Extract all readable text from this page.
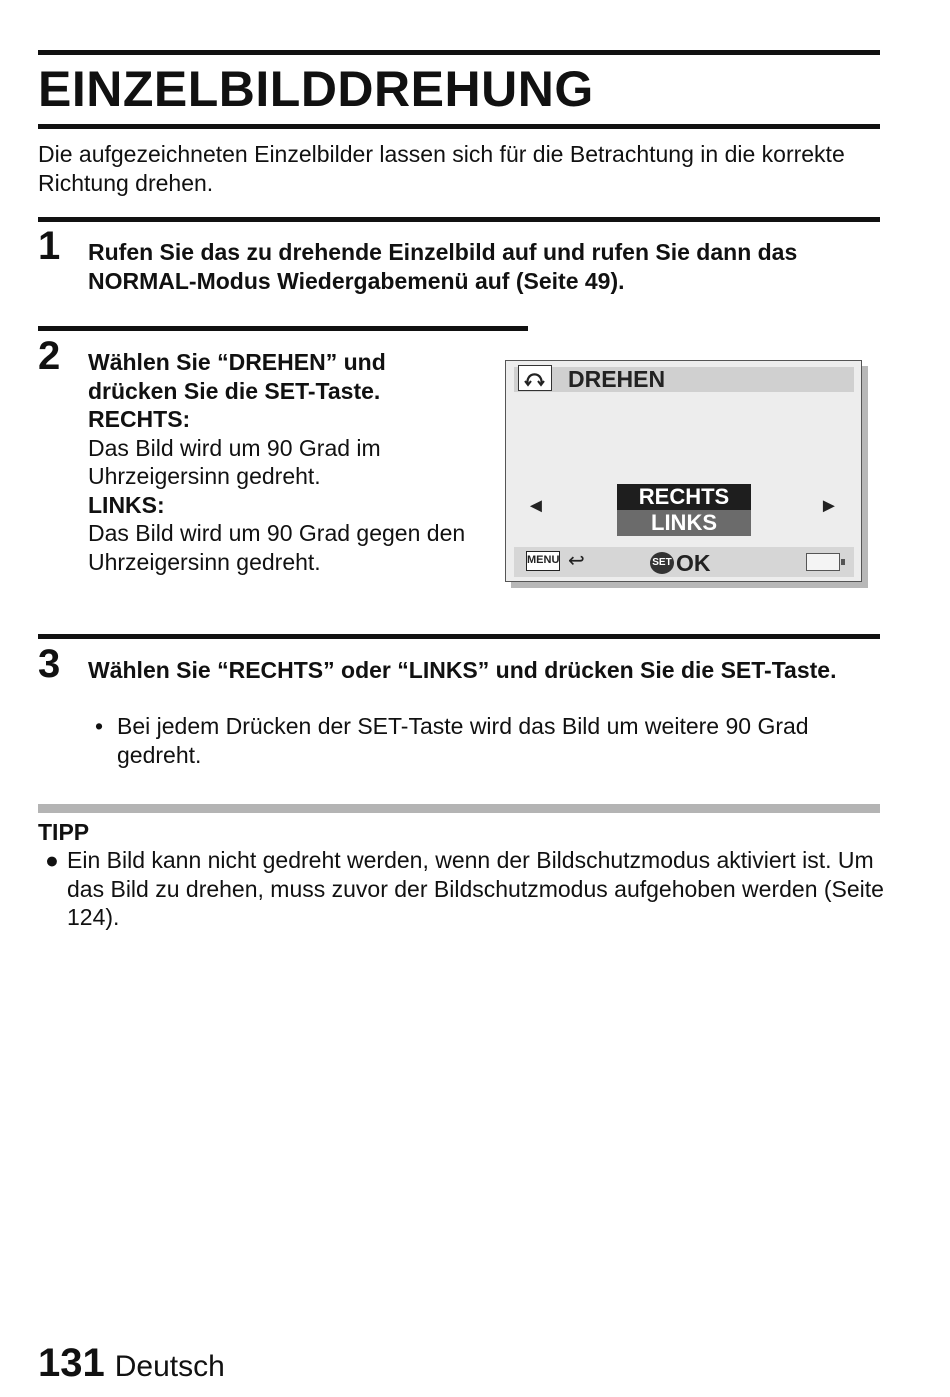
EINZELBILDDREHUNG

Die aufgezeichneten Einzelbilder lassen sich für die Betrachtung in die korrekte Richtung drehen.

1 Rufen Sie das zu drehende Einzelbild auf und rufen Sie dann das NORMAL-Modus Wiedergabemenü auf (Seite 49).

2 Wählen Sie “DREHEN” und drücken Sie die SET-Taste.
RECHTS:
Das Bild wird um 90 Grad im Uhrzeigersinn gedreht.
LINKS:
Das Bild wird um 90 Grad gegen den Uhrzeigersinn gedreht.
DREHEN
◄	RECHTS
LINKS
►
MENU ↩	SET OK
3 Wählen Sie “RECHTS” oder “LINKS” und drücken Sie die SET-Taste.

• Bei jedem Drücken der SET-Taste wird das Bild um weitere 90 Grad gedreht.
TIPP
● Ein Bild kann nicht gedreht werden, wenn der Bildschutzmodus aktiviert ist. Um das Bild zu drehen, muss zuvor der Bildschutzmodus aufgehoben werden (Seite 124).
131 Deutsch
